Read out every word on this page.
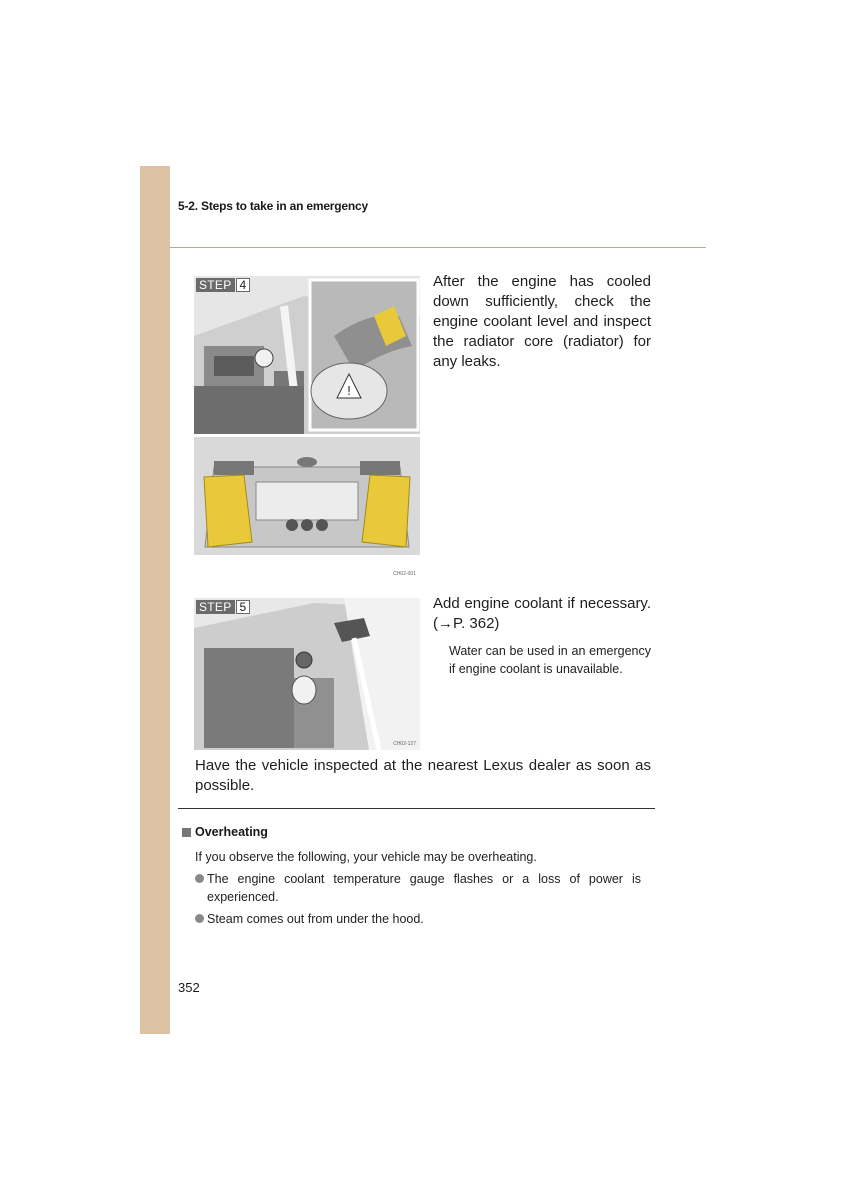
5-2. Steps to take in an emergency
!
STEP 4
CH02-001
After the engine has cooled down sufficiently, check the engine coolant level and inspect the radiator core (radiator) for any leaks.
STEP 5
CH02-127
Add engine coolant if necessary. (→P. 362)
Water can be used in an emergency if engine coolant is unavailable.
Have the vehicle inspected at the nearest Lexus dealer as soon as possible.
Overheating
If you observe the following, your vehicle may be overheating.
The engine coolant temperature gauge flashes or a loss of power is experienced.
Steam comes out from under the hood.
352
